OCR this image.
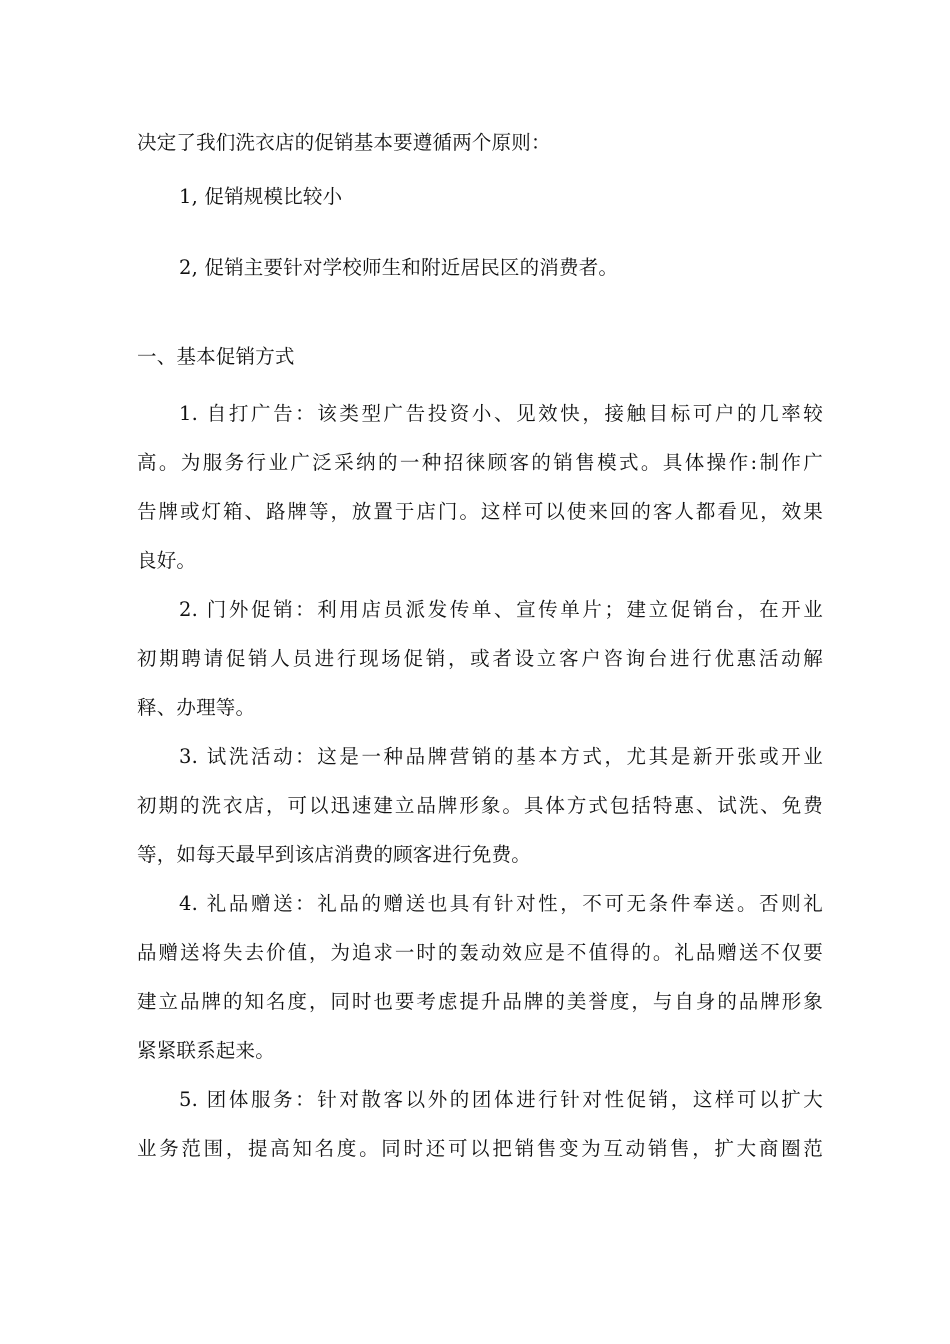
决定了我们洗衣店的促销基本要遵循两个原则：

1, 促销规模比较小

2, 促销主要针对学校师生和附近居民区的消费者。

一、基本促销方式

1. 自打广告：该类型广告投资小、见效快，接触目标可户的几率较

高。为服务行业广泛采纳的一种招徕顾客的销售模式。具体操作:制作广

告牌或灯箱、路牌等，放置于店门。这样可以使来回的客人都看见，效果

良好。

2. 门外促销：利用店员派发传单、宣传单片；建立促销台，在开业

初期聘请促销人员进行现场促销，或者设立客户咨询台进行优惠活动解

释、办理等。

3. 试洗活动：这是一种品牌营销的基本方式，尤其是新开张或开业

初期的洗衣店，可以迅速建立品牌形象。具体方式包括特惠、试洗、免费

等，如每天最早到该店消费的顾客进行免费。

4. 礼品赠送：礼品的赠送也具有针对性，不可无条件奉送。否则礼

品赠送将失去价值，为追求一时的轰动效应是不值得的。礼品赠送不仅要

建立品牌的知名度，同时也要考虑提升品牌的美誉度，与自身的品牌形象

紧紧联系起来。

5. 团体服务：针对散客以外的团体进行针对性促销，这样可以扩大

业务范围，提高知名度。同时还可以把销售变为互动销售，扩大商圈范
